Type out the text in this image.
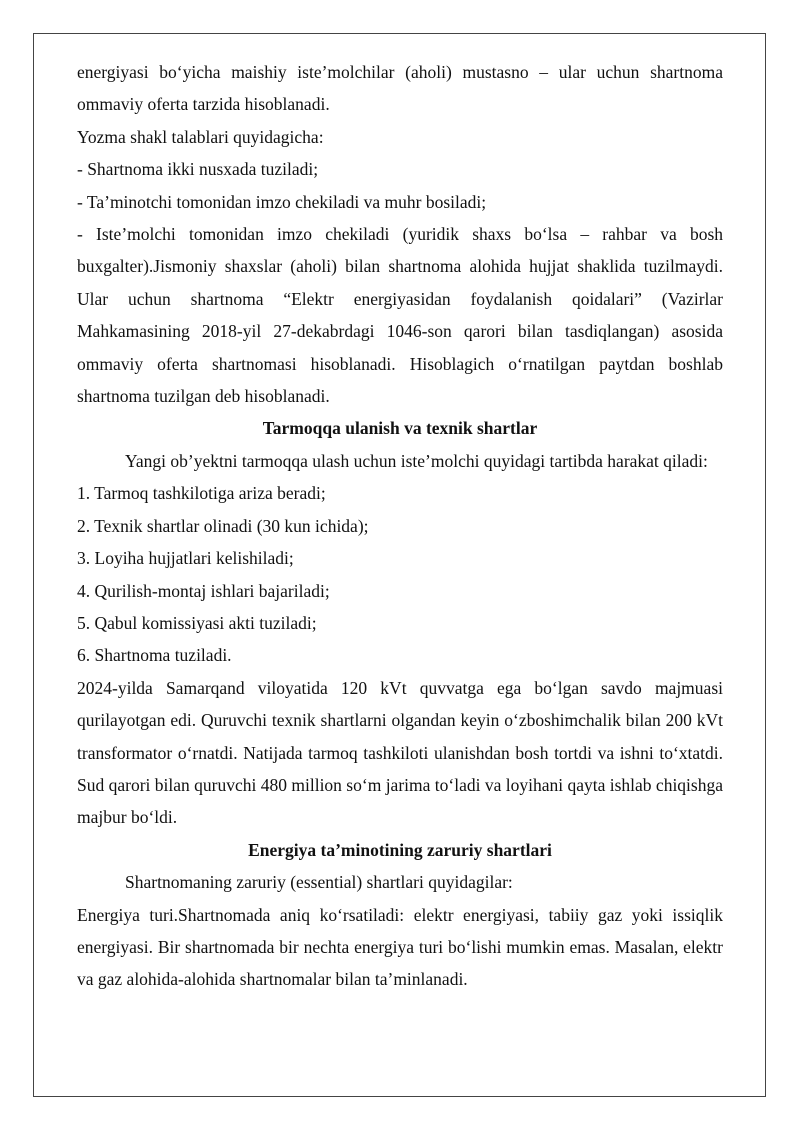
energiyasi boʻyicha maishiy isteʼmolchilar (aholi) mustasno – ular uchun shartnoma ommaviy oferta tarzida hisoblanadi.

Yozma shakl talablari quyidagicha:

- Shartnoma ikki nusxada tuziladi;

- Taʼminotchi tomonidan imzo chekiladi va muhr bosiladi;

- Isteʼmolchi tomonidan imzo chekiladi (yuridik shaxs boʻlsa – rahbar va bosh buxgalter).Jismoniy shaxslar (aholi) bilan shartnoma alohida hujjat shaklida tuzilmaydi. Ular uchun shartnoma “Elektr energiyasidan foydalanish qoidalari” (Vazirlar Mahkamasining 2018-yil 27-dekabrdagi 1046-son qarori bilan tasdiqlangan) asosida ommaviy oferta shartnomasi hisoblanadi. Hisoblagich oʻrnatilgan paytdan boshlab shartnoma tuzilgan deb hisoblanadi.

Tarmoqqa ulanish va texnik shartlar

Yangi obʼyektni tarmoqqa ulash uchun isteʼmolchi quyidagi tartibda harakat qiladi:

1. Tarmoq tashkilotiga ariza beradi;

2. Texnik shartlar olinadi (30 kun ichida);

3. Loyiha hujjatlari kelishiladi;

4. Qurilish-montaj ishlari bajariladi;

5. Qabul komissiyasi akti tuziladi;

6. Shartnoma tuziladi.

2024-yilda Samarqand viloyatida 120 kVt quvvatga ega boʻlgan savdo majmuasi qurilayotgan edi. Quruvchi texnik shartlarni olgandan keyin oʻzboshimchalik bilan 200 kVt transformator oʻrnatdi. Natijada tarmoq tashkiloti ulanishdan bosh tortdi va ishni toʻxtatdi. Sud qarori bilan quruvchi 480 million soʻm jarima toʻladi va loyihani qayta ishlab chiqishga majbur boʻldi.

Energiya taʼminotining zaruriy shartlari

Shartnomaning zaruriy (essential) shartlari quyidagilar:

Energiya turi.Shartnomada aniq koʻrsatiladi: elektr energiyasi, tabiiy gaz yoki issiqlik energiyasi. Bir shartnomada bir nechta energiya turi boʻlishi mumkin emas. Masalan, elektr va gaz alohida-alohida shartnomalar bilan taʼminlanadi.
